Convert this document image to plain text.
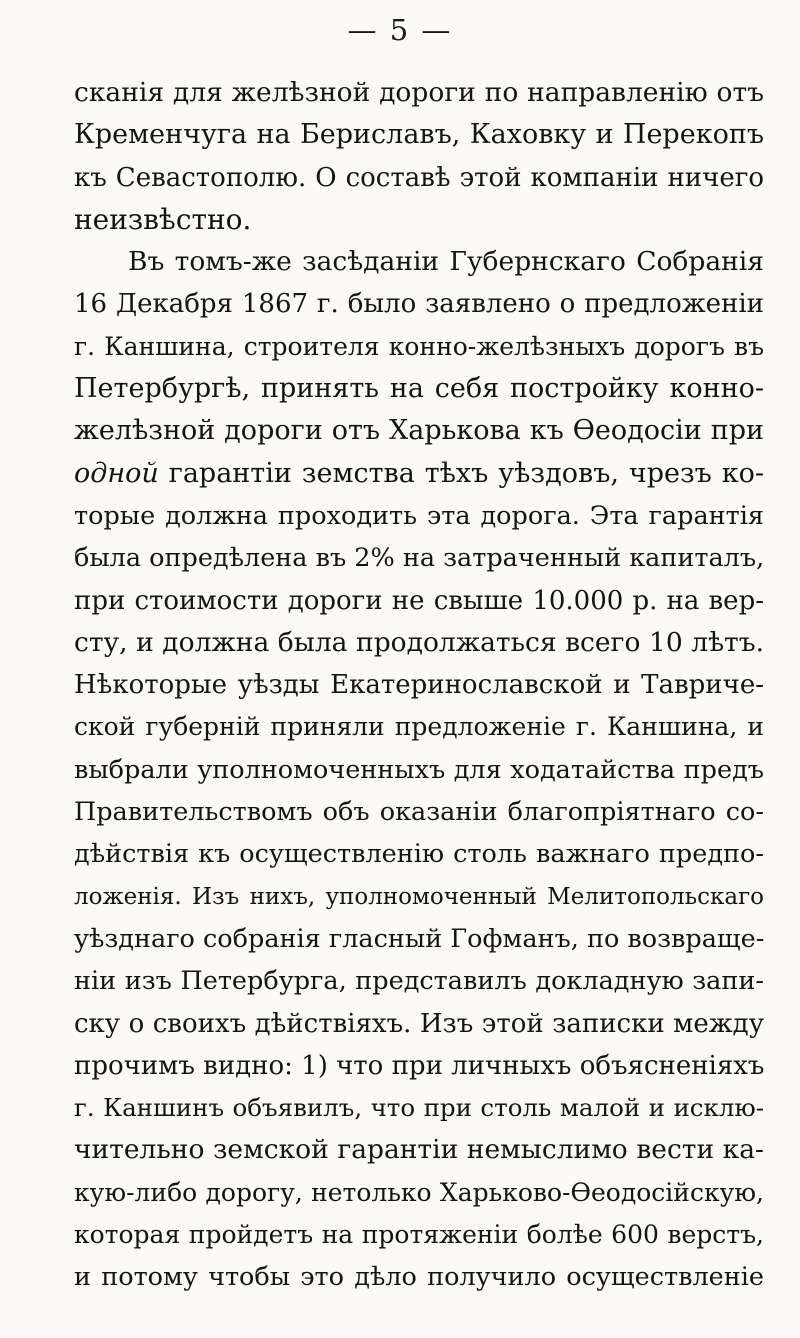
— 5 —
сканія для желѣзной дороги по направленію отъ
Кременчуга на Бериславъ, Каховку и Перекопъ
къ Севастополю. О составѣ этой компаніи ничего
неизвѣстно.
Въ томъ-же засѣданіи Губернскаго Собранія
16 Декабря 1867 г. было заявлено о предложеніи
г. Каншина, строителя конно-желѣзныхъ дорогъ въ
Петербургѣ, принять на себя постройку конно-
желѣзной дороги отъ Харькова къ Ѳеодосіи при
одной гарантіи земства тѣхъ уѣздовъ, чрезъ ко-
торые должна проходить эта дорога. Эта гарантія
была опредѣлена въ 2% на затраченный капиталъ,
при стоимости дороги не свыше 10.000 р. на вер-
сту, и должна была продолжаться всего 10 лѣтъ.
Нѣкоторые уѣзды Екатеринославской и Тавриче-
ской губерній приняли предложеніе г. Каншина, и
выбрали уполномоченныхъ для ходатайства предъ
Правительствомъ объ оказаніи благопріятнаго со-
дѣйствія къ осуществленію столь важнаго предпо-
ложенія. Изъ нихъ, уполномоченный Мелитопольскаго
уѣзднаго собранія гласный Гофманъ, по возвраще-
ніи изъ Петербурга, представилъ докладную запи-
ску о своихъ дѣйствіяхъ. Изъ этой записки между
прочимъ видно: 1) что при личныхъ объясненіяхъ
г. Каншинъ объявилъ, что при столь малой и исклю-
чительно земской гарантіи немыслимо вести ка-
кую-либо дорогу, нетолько Харьково-Ѳеодосійскую,
которая пройдетъ на протяженіи болѣе 600 верстъ,
и потому чтобы это дѣло получило осуществленіе
